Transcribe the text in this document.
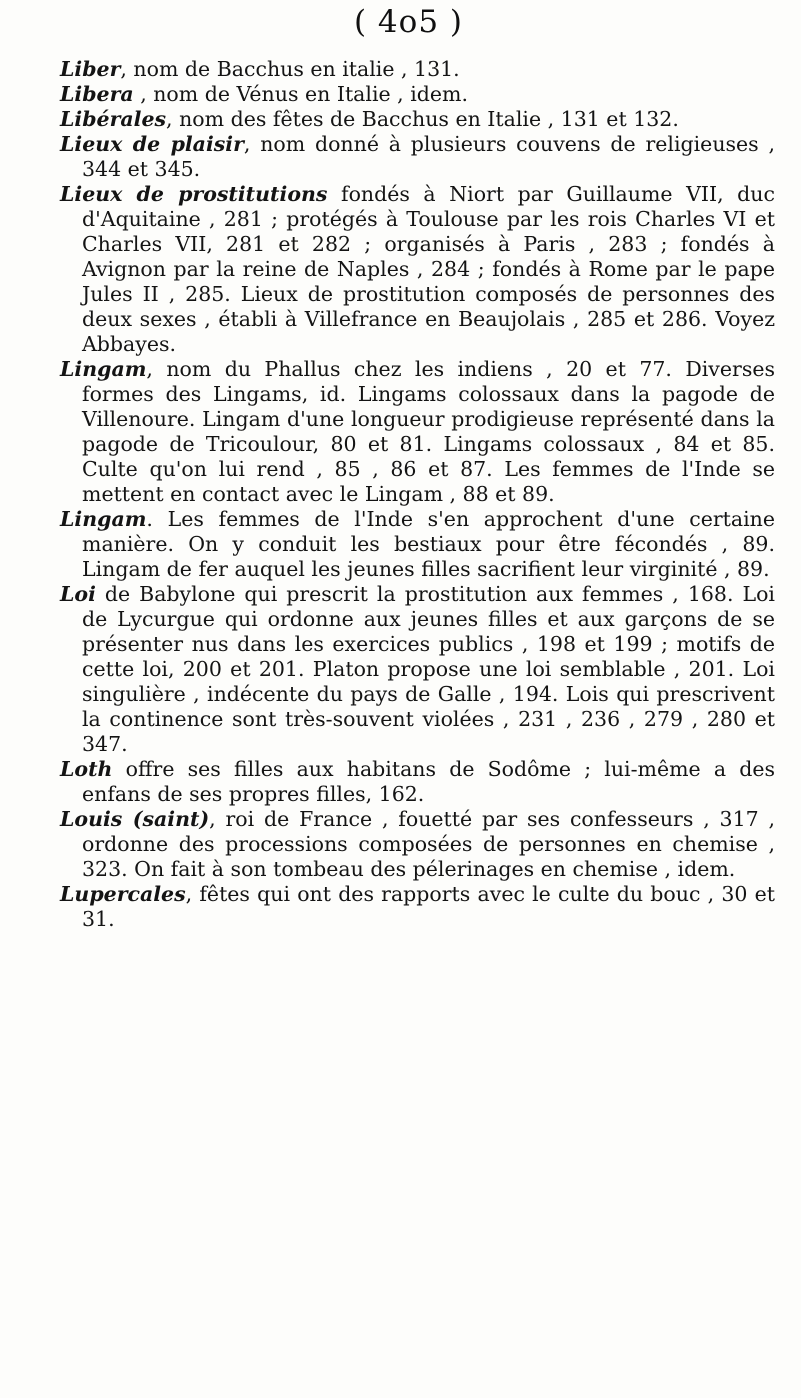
( 4o5 )
Liber, nom de Bacchus en italie , 131.
Libera , nom de Vénus en Italie , idem.
Libérales, nom des fêtes de Bacchus en Italie , 131 et 132.
Lieux de plaisir, nom donné à plusieurs couvens de religieuses , 344 et 345.
Lieux de prostitutions fondés à Niort par Guillaume VII, duc d'Aquitaine , 281 ; protégés à Toulouse par les rois Charles VI et Charles VII, 281 et 282 ; organisés à Paris , 283 ; fondés à Avignon par la reine de Naples , 284 ; fondés à Rome par le pape Jules II , 285. Lieux de prostitution composés de personnes des deux sexes , établi à Villefrance en Beaujolais , 285 et 286. Voyez Abbayes.
Lingam, nom du Phallus chez les indiens , 20 et 77. Diverses formes des Lingams, id. Lingams colossaux dans la pagode de Villenoure. Lingam d'une longueur prodigieuse représenté dans la pagode de Tricoulour, 80 et 81. Lingams colossaux , 84 et 85. Culte qu'on lui rend , 85 , 86 et 87. Les femmes de l'Inde se mettent en contact avec le Lingam , 88 et 89.
Lingam. Les femmes de l'Inde s'en approchent d'une certaine manière. On y conduit les bestiaux pour être fécondés , 89. Lingam de fer auquel les jeunes filles sacrifient leur virginité , 89.
Loi de Babylone qui prescrit la prostitution aux femmes , 168. Loi de Lycurgue qui ordonne aux jeunes filles et aux garçons de se présenter nus dans les exercices publics , 198 et 199 ; motifs de cette loi, 200 et 201. Platon propose une loi semblable , 201. Loi singulière , indécente du pays de Galle , 194. Lois qui prescrivent la continence sont très-souvent violées , 231 , 236 , 279 , 280 et 347.
Loth offre ses filles aux habitans de Sodôme ; lui-même a des enfans de ses propres filles, 162.
Louis (saint), roi de France , fouetté par ses confesseurs , 317 , ordonne des processions composées de personnes en chemise , 323. On fait à son tombeau des pélerinages en chemise , idem.
Lupercales, fêtes qui ont des rapports avec le culte du bouc , 30 et 31.
